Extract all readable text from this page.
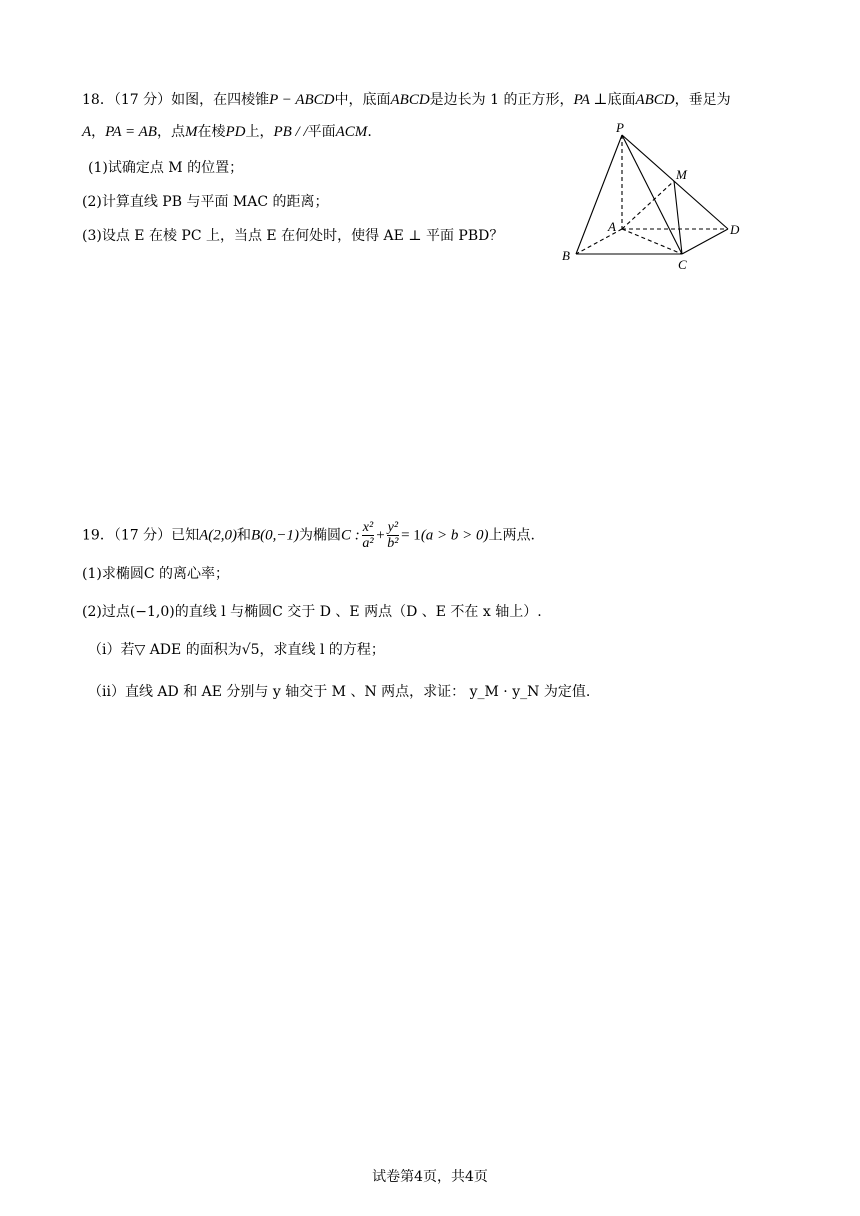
18．（17 分）如图，在四棱锥P − ABCD中，底面ABCD是边长为 1 的正方形，PA ⊥底面ABCD，垂足为
A，PA = AB，点M在棱PD上，PB / /平面ACM.
(1)试确定点 M 的位置；
(2)计算直线 PB 与平面 MAC 的距离；
(3)设点 E 在棱 PC 上，当点 E 在何处时，使得 AE ⊥ 平面 PBD？
P
M
A	D
B
C
19．（17 分）已知A(2,0)和B(0,−1)为椭圆C : $\frac{\text{x²}}{\text{a²}} + \frac{\text{y²}}{\text{b²}} = 1(a > b > 0)$上两点.
(1)求椭圆C 的离心率；
(2)过点(−1,0)的直线 l 与椭圆C 交于 D 、E 两点（D 、E 不在 x 轴上）.
（i）若▽ ADE 的面积为√5，求直线 l 的方程；
（ii）直线 AD 和 AE 分别与 y 轴交于 M 、N 两点，求证： y_M · y_N 为定值.
试卷第4页，共4页
